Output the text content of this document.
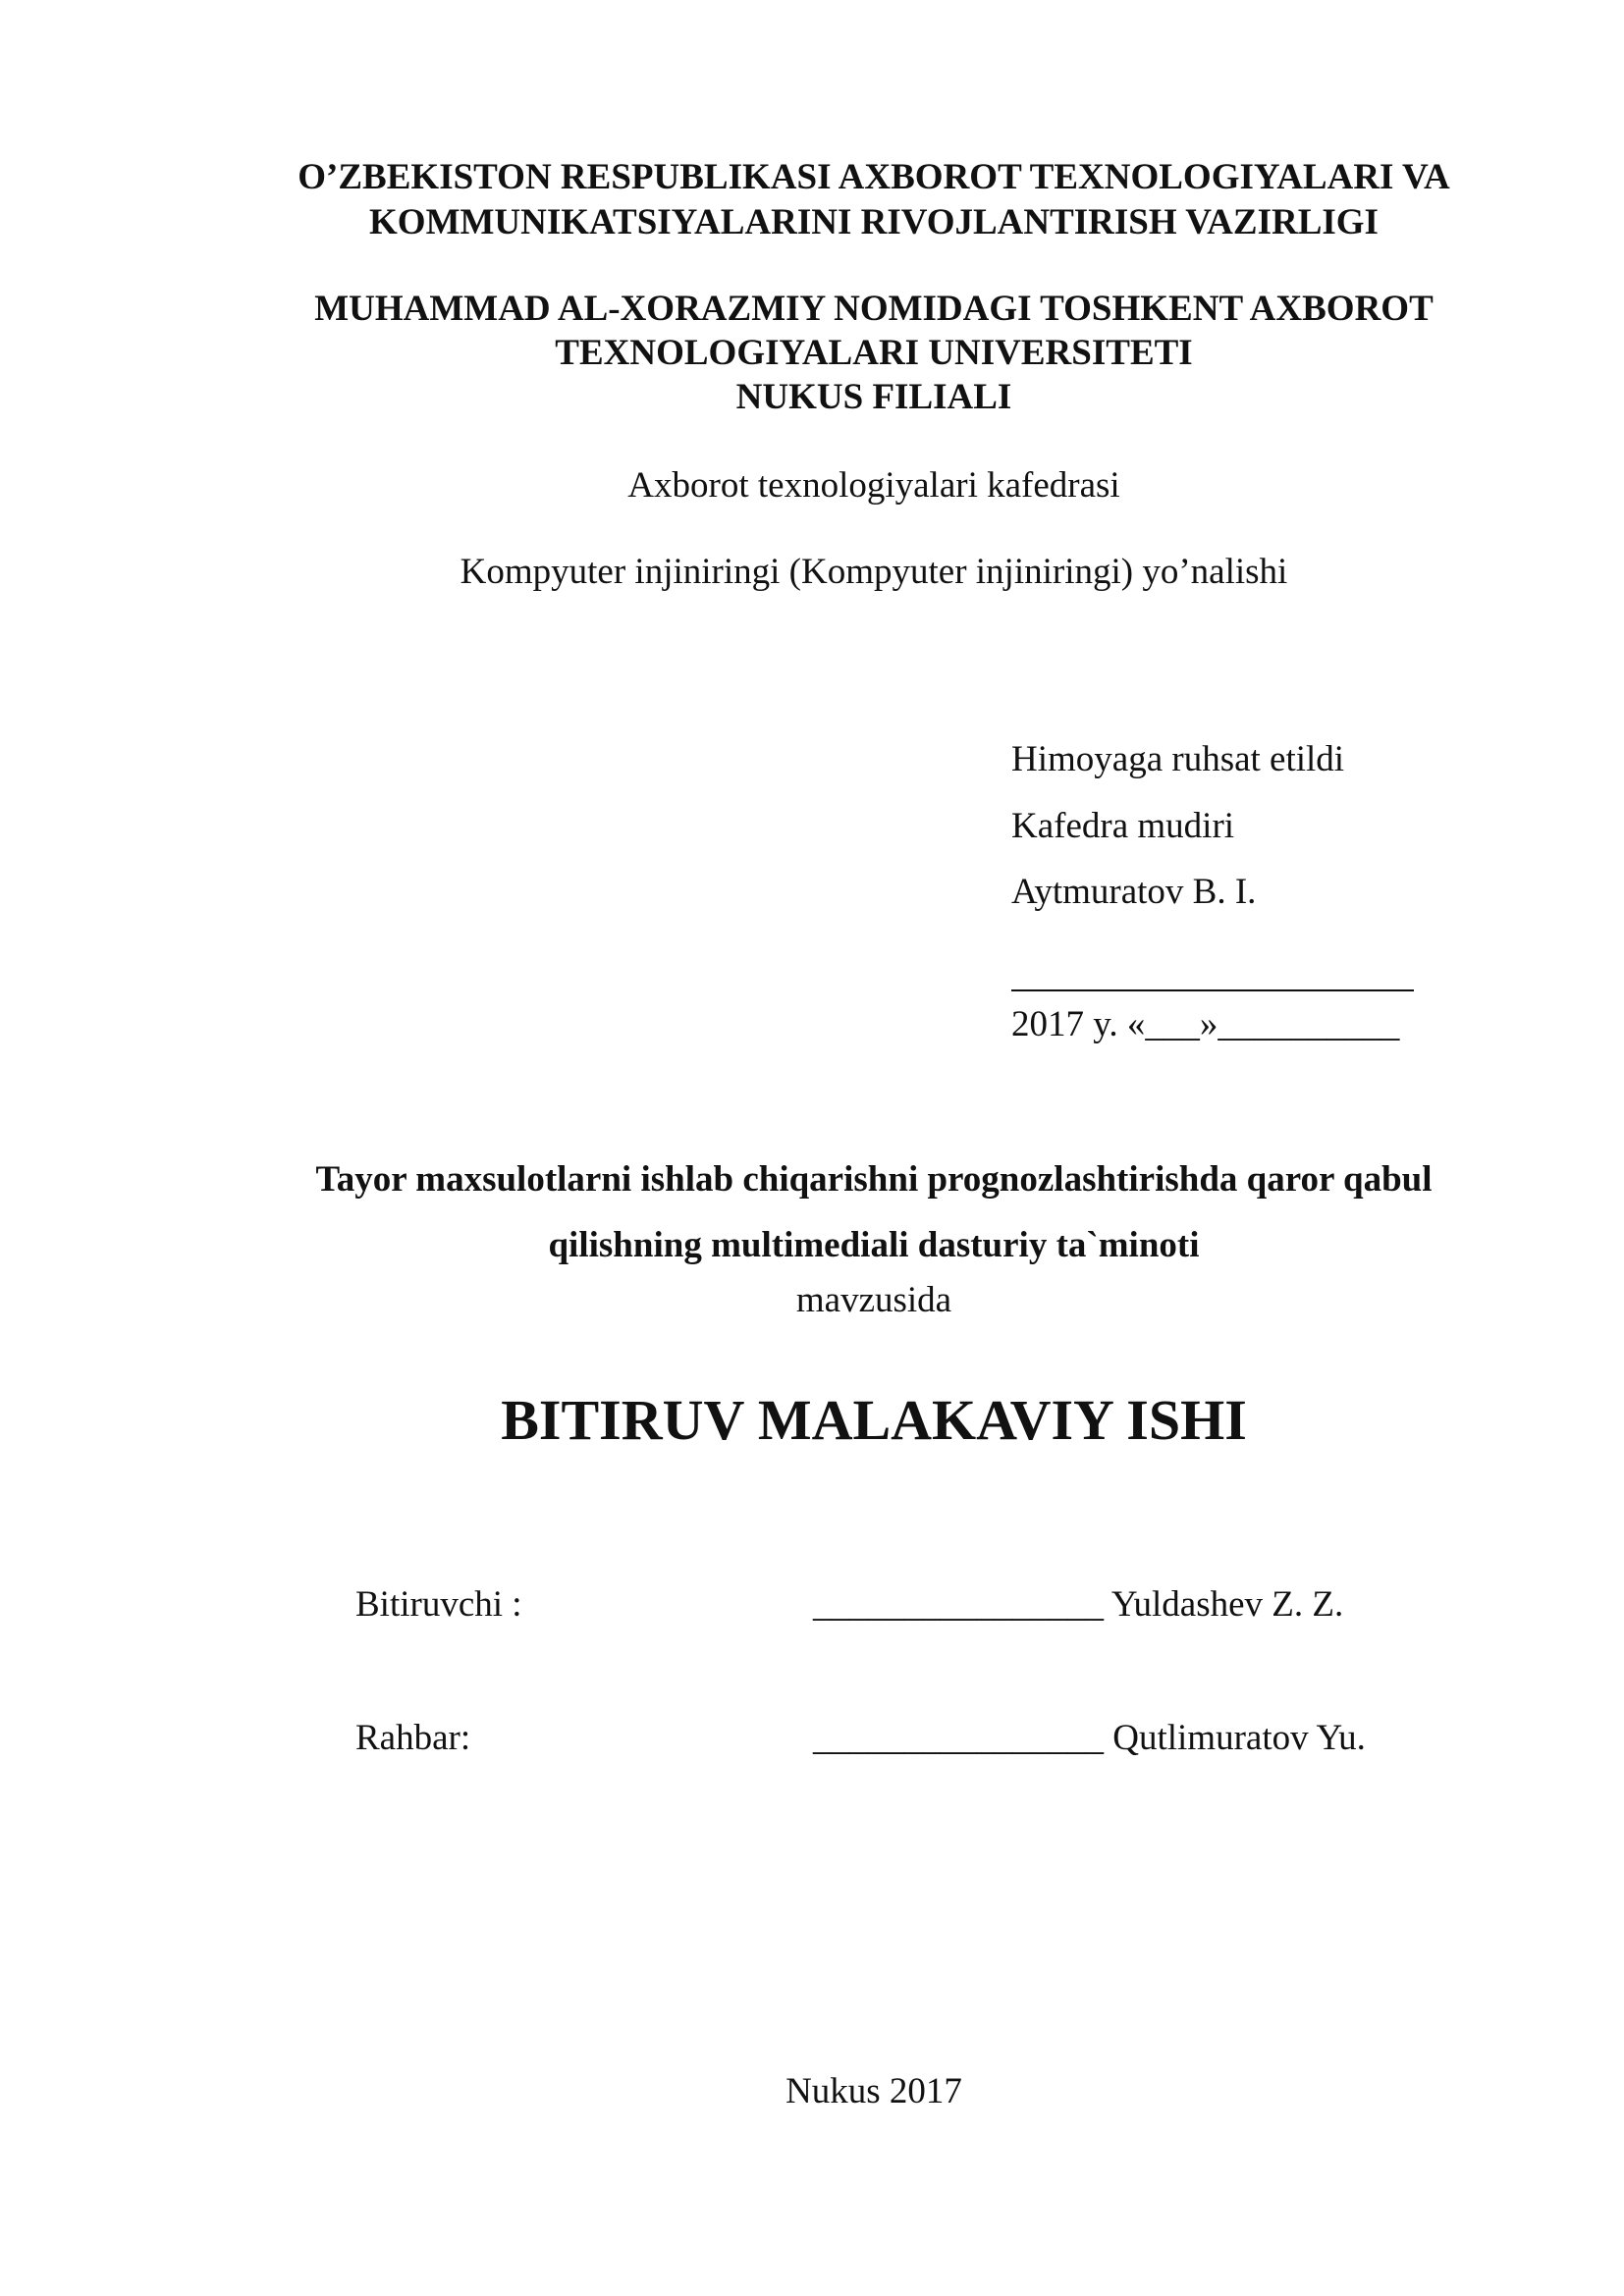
O’ZBEKISTON RESPUBLIKASI AXBOROT TEXNOLOGIYALARI VA
KOMMUNIKATSIYALARINI RIVOJLANTIRISH VAZIRLIGI
MUHAMMAD AL-XORAZMIY NOMIDAGI TOSHKENT AXBOROT
TEXNOLOGIYALARI UNIVERSITETI
NUKUS FILIALI
Axborot texnologiyalari kafedrasi
Kompyuter injiniringi (Kompyuter injiniringi) yo’nalishi
Himoyaga ruhsat etildi
Kafedra mudiri
Aytmuratov B. I.
2017 y. «___»__________
Tayor maxsulotlarni ishlab chiqarishni prognozlashtirishda qaror qabul
qilishning multimediali dasturiy ta`minoti
mavzusida
BITIRUV MALAKAVIY ISHI
Bitiruvchi :	________________ Yuldashev Z. Z.
Rahbar:	________________ Qutlimuratov Yu.
Nukus 2017
